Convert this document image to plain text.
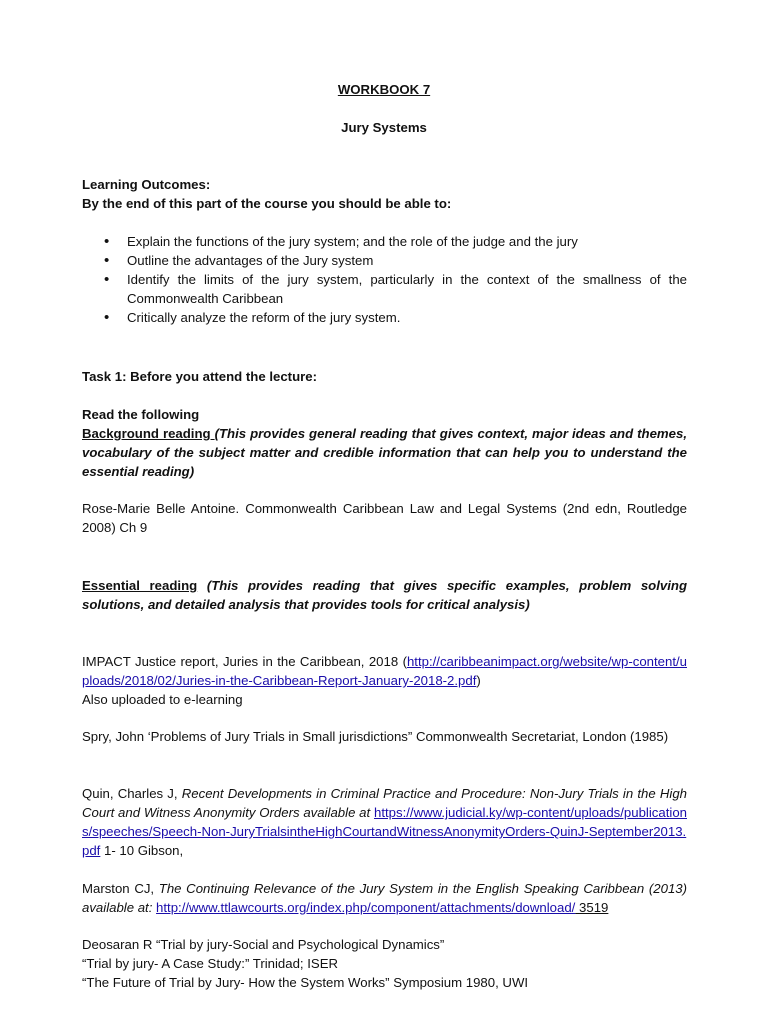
WORKBOOK 7

Jury Systems

Learning Outcomes:

By the end of this part of the course you should be able to:

• Explain the functions of the jury system; and the role of the judge and the jury
• Outline the advantages of the Jury system
• Identify the limits of the jury system, particularly in the context of the smallness of the Commonwealth Caribbean
• Critically analyze the reform of the jury system.

Task 1: Before you attend the lecture:

Read the following

Background reading (This provides general reading that gives context, major ideas and themes, vocabulary of the subject matter and credible information that can help you to understand the essential reading)

Rose-Marie Belle Antoine. Commonwealth Caribbean Law and Legal Systems (2nd edn, Routledge 2008) Ch 9

Essential reading (This provides reading that gives specific examples, problem solving solutions, and detailed analysis that provides tools for critical analysis)

IMPACT Justice report, Juries in the Caribbean, 2018 (http://caribbeanimpact.org/website/wp-content/uploads/2018/02/Juries-in-the-Caribbean-Report-January-2018-2.pdf)

Also uploaded to e-learning

Spry, John ‘Problems of Jury Trials in Small jurisdictions” Commonwealth Secretariat, London (1985)

Quin, Charles J, Recent Developments in Criminal Practice and Procedure: Non-Jury Trials in the High Court and Witness Anonymity Orders available at https://www.judicial.ky/wp-content/uploads/publications/speeches/Speech-Non-JuryTrialsintheHighCourtandWitnessAnonymityOrders-QuinJ-September2013.pdf 1- 10 Gibson,

Marston CJ, The Continuing Relevance of the Jury System in the English Speaking Caribbean (2013) available at: http://www.ttlawcourts.org/index.php/component/attachments/download/ 3519

Deosaran R “Trial by jury-Social and Psychological Dynamics”

“Trial by jury- A Case Study:” Trinidad; ISER

“The Future of Trial by Jury- How the System Works” Symposium 1980, UWI
